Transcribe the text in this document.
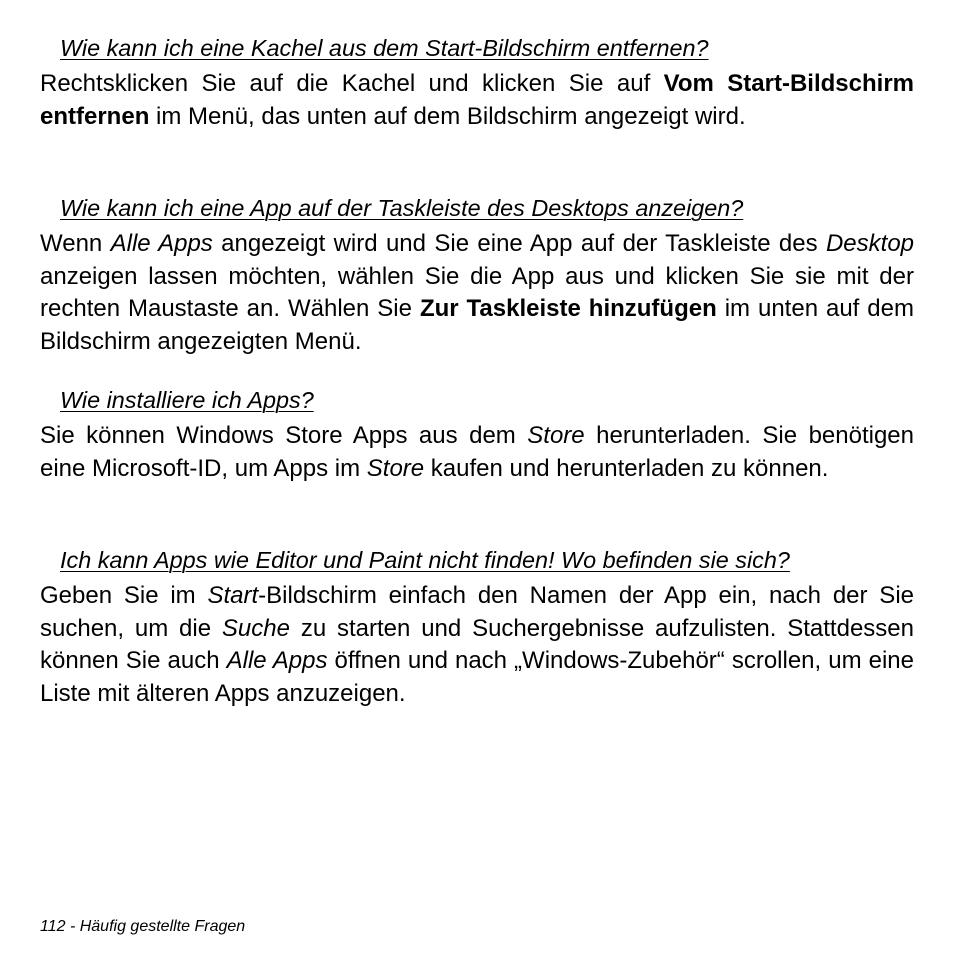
Wie kann ich eine Kachel aus dem Start-Bildschirm entfernen?

Rechtsklicken Sie auf die Kachel und klicken Sie auf Vom Start-Bildschirm entfernen im Menü, das unten auf dem Bildschirm angezeigt wird.

Wie kann ich eine App auf der Taskleiste des Desktops anzeigen?

Wenn Alle Apps angezeigt wird und Sie eine App auf der Taskleiste des Desktop anzeigen lassen möchten, wählen Sie die App aus und klicken Sie sie mit der rechten Maustaste an. Wählen Sie Zur Taskleiste hinzufügen im unten auf dem Bildschirm angezeigten Menü.

Wie installiere ich Apps?

Sie können Windows Store Apps aus dem Store herunterladen. Sie benötigen eine Microsoft-ID, um Apps im Store kaufen und herunterladen zu können.

Ich kann Apps wie Editor und Paint nicht finden! Wo befinden sie sich?

Geben Sie im Start-Bildschirm einfach den Namen der App ein, nach der Sie suchen, um die Suche zu starten und Suchergebnisse aufzulisten. Stattdessen können Sie auch Alle Apps öffnen und nach „Windows-Zubehör“ scrollen, um eine Liste mit älteren Apps anzuzeigen.

112 - Häufig gestellte Fragen
